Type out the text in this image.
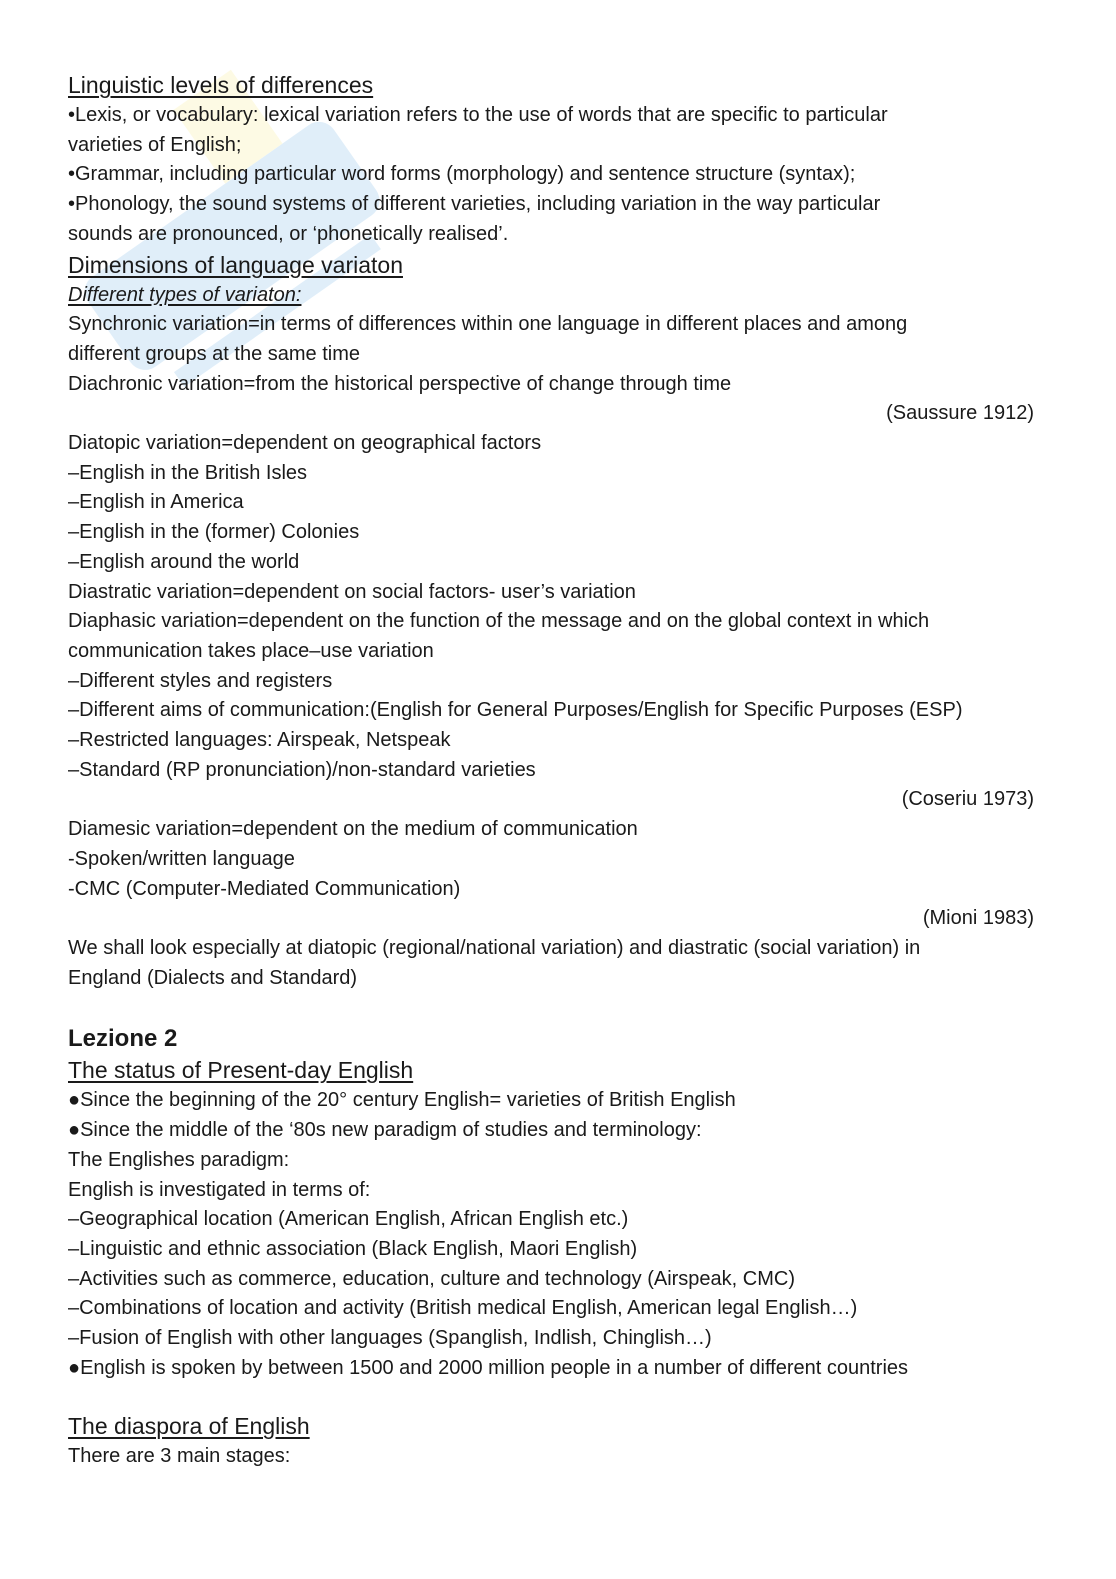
Linguistic levels of differences
•Lexis, or vocabulary: lexical variation refers to the use of words that are specific to particular
varieties of English;
•Grammar, including particular word forms (morphology) and sentence structure (syntax);
•Phonology, the sound systems of different varieties, including variation in the way particular
sounds are pronounced, or ‘phonetically realised’.
Dimensions of language variaton
Different types of variaton:
Synchronic variation=in terms of differences within one language in different places and among
different groups at the same time
Diachronic variation=from the historical perspective of change through time
(Saussure 1912)
Diatopic variation=dependent on geographical factors
–English in the British Isles
–English in America
–English in the (former) Colonies
–English around the world
Diastratic variation=dependent on social factors- user’s variation
Diaphasic variation=dependent on the function of the message and on the global context in which
communication takes place–use variation
–Different styles and registers
–Different aims of communication:(English for General Purposes/English for Specific Purposes (ESP)
–Restricted languages: Airspeak, Netspeak
–Standard (RP pronunciation)/non-standard varieties
(Coseriu 1973)
Diamesic variation=dependent on the medium of communication
-Spoken/written language
-CMC (Computer-Mediated Communication)
(Mioni 1983)
We shall look especially at diatopic (regional/national variation) and diastratic (social variation) in
England (Dialects and Standard)
Lezione 2
The status of Present-day English
●Since the beginning of the 20° century English= varieties of British English
●Since the middle of the ‘80s new paradigm of studies and terminology:
The Englishes paradigm:
English is investigated in terms of:
–Geographical location (American English, African English etc.)
–Linguistic and ethnic association (Black English, Maori English)
–Activities such as commerce, education, culture and technology (Airspeak, CMC)
–Combinations of location and activity (British medical English, American legal English…)
–Fusion of English with other languages (Spanglish, Indlish, Chinglish…)
●English is spoken by between 1500 and 2000 million people in a number of different countries
The diaspora of English
There are 3 main stages:
